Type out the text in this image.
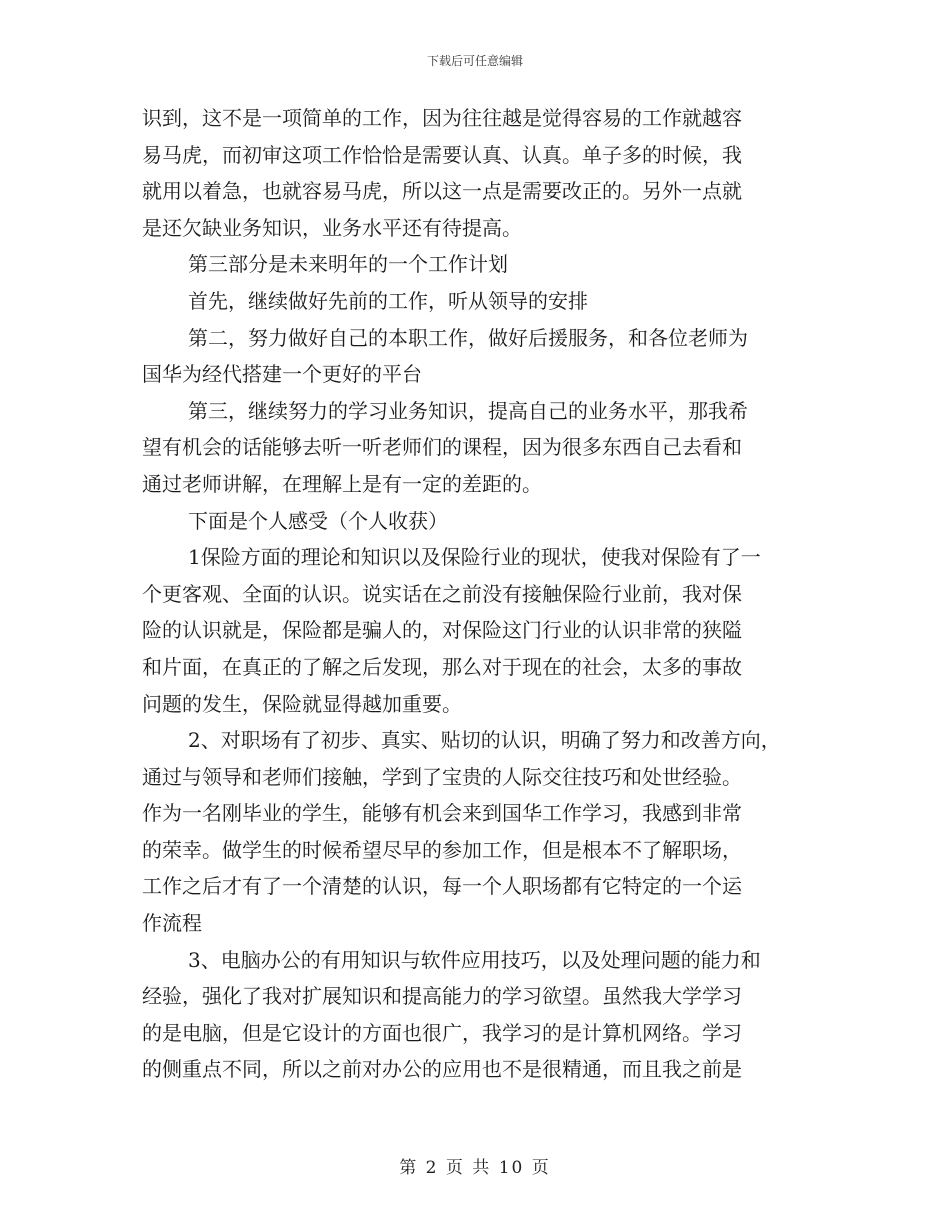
下载后可任意编辑
识到，这不是一项简单的工作，因为往往越是觉得容易的工作就越容
易马虎，而初审这项工作恰恰是需要认真、认真。单子多的时候，我
就用以着急，也就容易马虎，所以这一点是需要改正的。另外一点就
是还欠缺业务知识，业务水平还有待提高。
第三部分是未来明年的一个工作计划
首先，继续做好先前的工作，听从领导的安排
第二，努力做好自己的本职工作，做好后援服务，和各位老师为
国华为经代搭建一个更好的平台
第三，继续努力的学习业务知识，提高自己的业务水平，那我希
望有机会的话能够去听一听老师们的课程，因为很多东西自己去看和
通过老师讲解，在理解上是有一定的差距的。
下面是个人感受（个人收获）
1保险方面的理论和知识以及保险行业的现状，使我对保险有了一
个更客观、全面的认识。说实话在之前没有接触保险行业前，我对保
险的认识就是，保险都是骗人的，对保险这门行业的认识非常的狭隘
和片面，在真正的了解之后发现，那么对于现在的社会，太多的事故
问题的发生，保险就显得越加重要。
2、对职场有了初步、真实、贴切的认识，明确了努力和改善方向，
通过与领导和老师们接触，学到了宝贵的人际交往技巧和处世经验。
作为一名刚毕业的学生，能够有机会来到国华工作学习，我感到非常
的荣幸。做学生的时候希望尽早的参加工作，但是根本不了解职场，
工作之后才有了一个清楚的认识，每一个人职场都有它特定的一个运
作流程
3、电脑办公的有用知识与软件应用技巧，以及处理问题的能力和
经验，强化了我对扩展知识和提高能力的学习欲望。虽然我大学学习
的是电脑，但是它设计的方面也很广，我学习的是计算机网络。学习
的侧重点不同，所以之前对办公的应用也不是很精通，而且我之前是
第 2 页 共 10 页
